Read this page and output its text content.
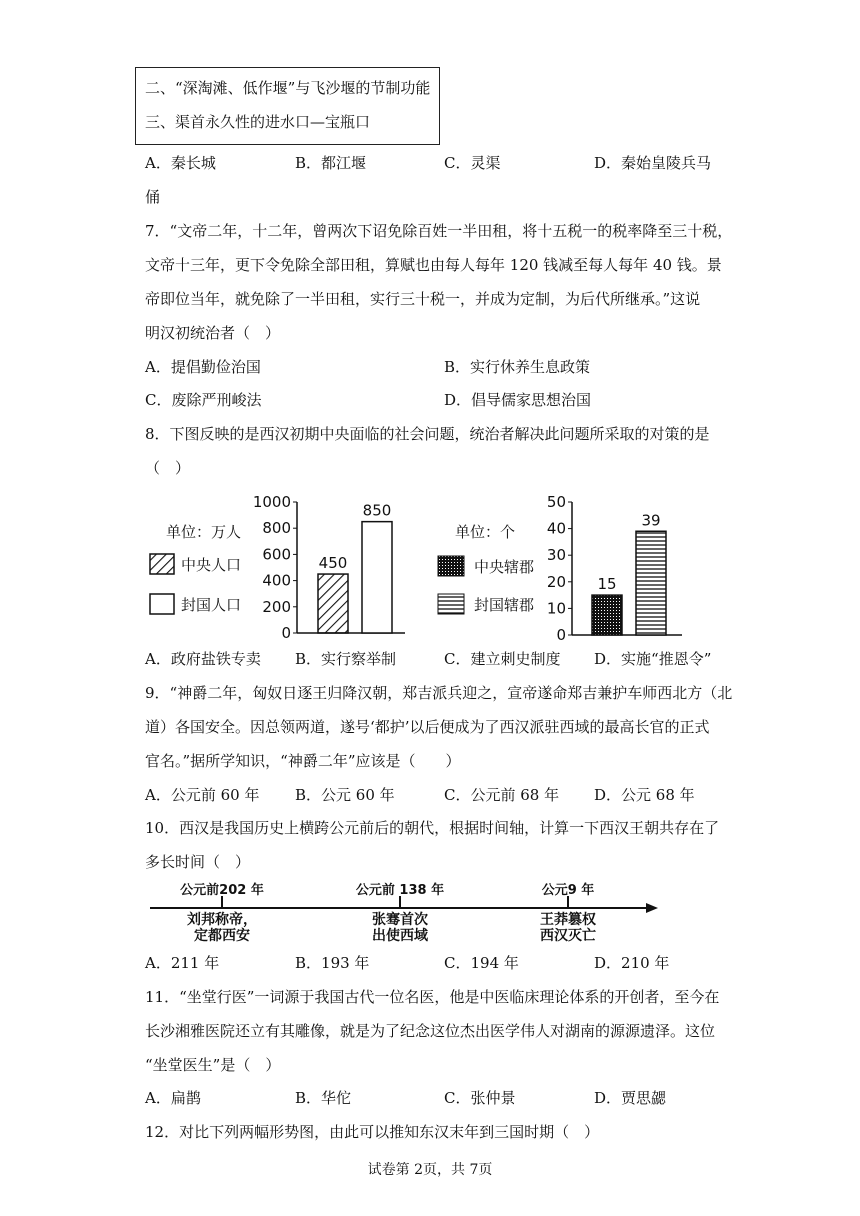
二、“深淘滩、低作堰”与飞沙堰的节制功能
三、渠首永久性的进水口—宝瓶口
A．秦长城	B．都江堰	C．灵渠	D．秦始皇陵兵马
俑
7．“文帝二年，十二年，曾两次下诏免除百姓一半田租，将十五税一的税率降至三十税，
文帝十三年，更下令免除全部田租，算赋也由每人每年 120 钱减至每人每年 40 钱。景
帝即位当年，就免除了一半田租，实行三十税一，并成为定制，为后代所继承。”这说
明汉初统治者（　）
A．提倡勤俭治国	B．实行休养生息政策
C．废除严刑峻法	D．倡导儒家思想治国
8．下图反映的是西汉初期中央面临的社会问题，统治者解决此问题所采取的对策的是
（　）
单位：万人
中央人口
封国人口
0
200
400
600
800
1000
450
850
单位：个
中央辖郡
封国辖郡
0
10
20
30
40
50
15
39
A．政府盐铁专卖 B．实行察举制	C．建立刺史制度 D．实施“推恩令”
9．“神爵二年，匈奴日逐王归降汉朝，郑吉派兵迎之，宣帝遂命郑吉兼护车师西北方（北
道）各国安全。因总领两道，遂号‘都护’以后便成为了西汉派驻西域的最高长官的正式
官名。”据所学知识，“神爵二年”应该是（　　）
A．公元前 60 年 B．公元 60 年	C．公元前 68 年 D．公元 68 年
10．西汉是我国历史上横跨公元前后的朝代，根据时间轴，计算一下西汉王朝共存在了
多长时间（　）
公元前202 年	公元前 138 年	公元9 年
刘邦称帝，
定都西安
张骞首次
出使西域
王莽篡权
西汉灭亡
A．211 年	B．193 年	C．194 年	D．210 年
11．“坐堂行医”一词源于我国古代一位名医，他是中医临床理论体系的开创者，至今在
长沙湘雅医院还立有其雕像，就是为了纪念这位杰出医学伟人对湖南的源源遗泽。这位
“坐堂医生”是（　）
A．扁鹊	B．华佗	C．张仲景	D．贾思勰
12．对比下列两幅形势图，由此可以推知东汉末年到三国时期（　）
试卷第 2页，共 7页
